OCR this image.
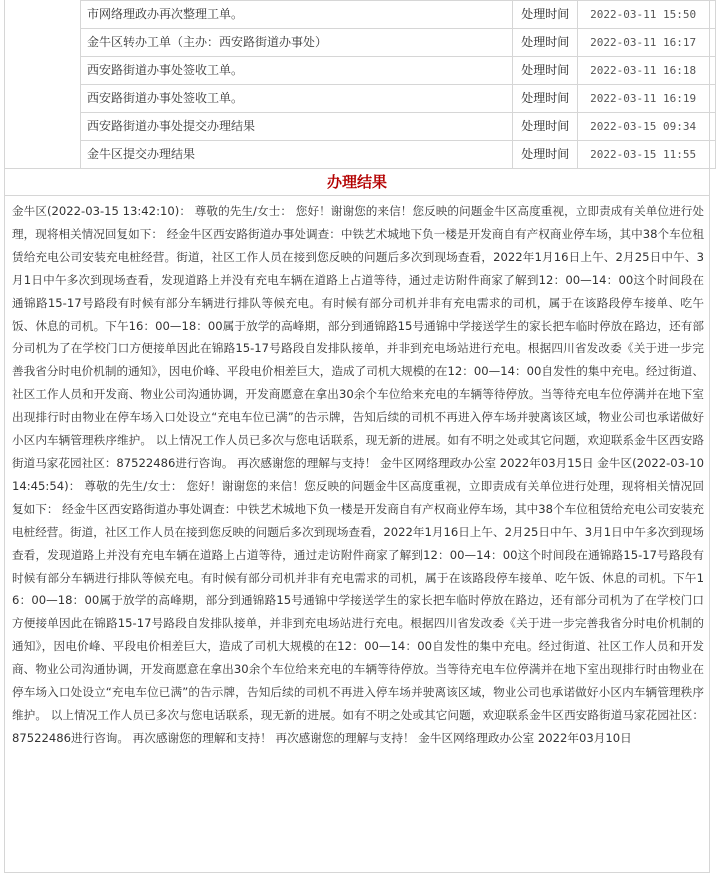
市网络理政办再次整理工单。	处理时间	2022-03-11 15:50
金牛区转办工单（主办：西安路街道办事处）	处理时间	2022-03-11 16:17
西安路街道办事处签收工单。	处理时间	2022-03-11 16:18
西安路街道办事处签收工单。	处理时间	2022-03-11 16:19
西安路街道办事处提交办理结果	处理时间	2022-03-15 09:34
金牛区提交办理结果	处理时间	2022-03-15 11:55
办理结果
金牛区(2022-03-15 13:42:10)： 尊敬的先生/女士： 您好！谢谢您的来信！您反映的问题金牛区高度重视，立即责成有关单位进行处理，现将相关情况回复如下： 经金牛区西安路街道办事处调查：中铁艺术城地下负一楼是开发商自有产权商业停车场，其中38个车位租赁给充电公司安装充电桩经营。街道，社区工作人员在接到您反映的问题后多次到现场查看，2022年1月16日上午、2月25日中午、3月1日中午多次到现场查看，发现道路上并没有充电车辆在道路上占道等待，通过走访附件商家了解到12：00—14：00这个时间段在通锦路15-17号路段有时候有部分车辆进行排队等候充电。有时候有部分司机并非有充电需求的司机，属于在该路段停车接单、吃午饭、休息的司机。下午16：00—18：00属于放学的高峰期，部分到通锦路15号通锦中学接送学生的家长把车临时停放在路边，还有部分司机为了在学校门口方便接单因此在锦路15-17号路段自发排队接单，并非到充电场站进行充电。根据四川省发改委《关于进一步完善我省分时电价机制的通知》，因电价峰、平段电价相差巨大，造成了司机大规模的在12：00—14：00自发性的集中充电。经过街道、社区工作人员和开发商、物业公司沟通协调，开发商愿意在拿出30余个车位给来充电的车辆等待停放。当等待充电车位停满并在地下室出现排行时由物业在停车场入口处设立“充电车位已满”的告示牌，告知后续的司机不再进入停车场并驶离该区域，物业公司也承诺做好小区内车辆管理秩序维护。 以上情况工作人员已多次与您电话联系，现无新的进展。如有不明之处或其它问题，欢迎联系金牛区西安路街道马家花园社区：87522486进行咨询。 再次感谢您的理解与支持！ 金牛区网络理政办公室 2022年03月15日 金牛区(2022-03-10 14:45:54)： 尊敬的先生/女士： 您好！谢谢您的来信！您反映的问题金牛区高度重视，立即责成有关单位进行处理，现将相关情况回复如下： 经金牛区西安路街道办事处调查：中铁艺术城地下负一楼是开发商自有产权商业停车场，其中38个车位租赁给充电公司安装充电桩经营。街道，社区工作人员在接到您反映的问题后多次到现场查看，2022年1月16日上午、2月25日中午、3月1日中午多次到现场查看，发现道路上并没有充电车辆在道路上占道等待，通过走访附件商家了解到12：00—14：00这个时间段在通锦路15-17号路段有时候有部分车辆进行排队等候充电。有时候有部分司机并非有充电需求的司机，属于在该路段停车接单、吃午饭、休息的司机。下午16：00—18：00属于放学的高峰期，部分到通锦路15号通锦中学接送学生的家长把车临时停放在路边，还有部分司机为了在学校门口方便接单因此在锦路15-17号路段自发排队接单，并非到充电场站进行充电。根据四川省发改委《关于进一步完善我省分时电价机制的通知》，因电价峰、平段电价相差巨大，造成了司机大规模的在12：00—14：00自发性的集中充电。经过街道、社区工作人员和开发商、物业公司沟通协调，开发商愿意在拿出30余个车位给来充电的车辆等待停放。当等待充电车位停满并在地下室出现排行时由物业在停车场入口处设立“充电车位已满”的告示牌，告知后续的司机不再进入停车场并驶离该区域，物业公司也承诺做好小区内车辆管理秩序维护。 以上情况工作人员已多次与您电话联系，现无新的进展。如有不明之处或其它问题，欢迎联系金牛区西安路街道马家花园社区：87522486进行咨询。 再次感谢您的理解和支持！ 再次感谢您的理解与支持！ 金牛区网络理政办公室 2022年03月10日
